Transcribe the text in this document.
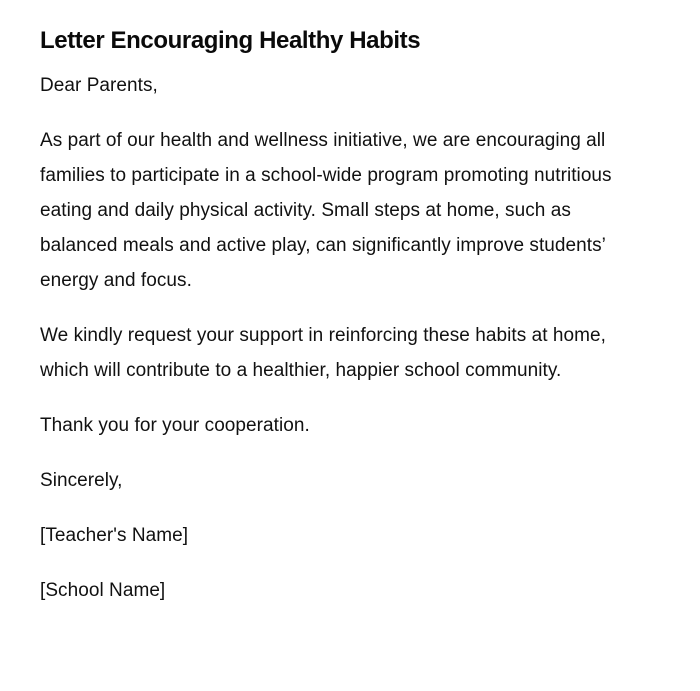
Letter Encouraging Healthy Habits

Dear Parents,

As part of our health and wellness initiative, we are encouraging all families to participate in a school-wide program promoting nutritious eating and daily physical activity. Small steps at home, such as balanced meals and active play, can significantly improve students’ energy and focus.

We kindly request your support in reinforcing these habits at home, which will contribute to a healthier, happier school community.

Thank you for your cooperation.

Sincerely,

[Teacher's Name]

[School Name]
